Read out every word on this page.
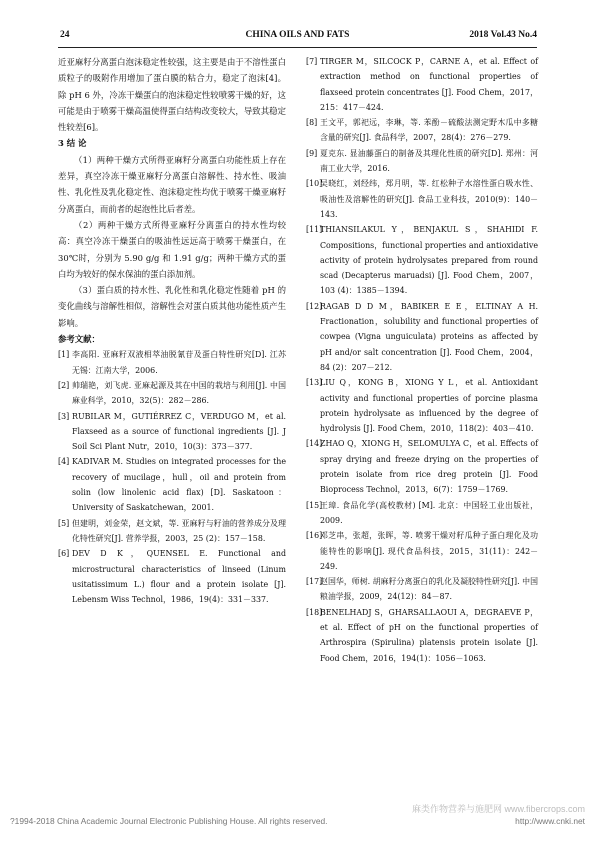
24	CHINA OILS AND FATS	2018 Vol.43 No.4

近亚麻籽分离蛋白泡沫稳定性较强，这主要是由于不溶性蛋白质粒子的吸附作用增加了蛋白膜的粘合力，稳定了泡沫[4]。除 pH 6 外，冷冻干燥蛋白的泡沫稳定性较喷雾干燥的好，这可能是由于喷雾干燥高温使得蛋白结构改变较大，导致其稳定性较差[6]。

3 结 论

（1）两种干燥方式所得亚麻籽分离蛋白功能性质上存在差异，真空冷冻干燥亚麻籽分离蛋白溶解性、持水性、吸油性、乳化性及乳化稳定性、泡沫稳定性均优于喷雾干燥亚麻籽分离蛋白，而前者的起泡性比后者差。

（2）两种干燥方式所得亚麻籽分离蛋白的持水性均较高：真空冷冻干燥蛋白的吸油性远远高于喷雾干燥蛋白，在 30℃时，分别为 5.90 g/g 和 1.91 g/g；两种干燥方式的蛋白均为较好的保水保油的蛋白添加剂。

（3）蛋白质的持水性、乳化性和乳化稳定性随着 pH 的变化曲线与溶解性相似，溶解性会对蛋白质其他功能性质产生影响。

参考文献：

[1] 李高阳. 亚麻籽双液相萃油脱氰苷及蛋白特性研究[D]. 江苏 无锡：江南大学，2006.

[2] 帅瑞艳，刘飞虎. 亚麻起源及其在中国的栽培与利用[J]. 中国麻业科学，2010，32(5)：282－286.

[3] RUBILAR M，GUTIÉRREZ C，VERDUGO M，et al. Flaxseed as a source of functional ingredients [J]. J Soil Sci Plant Nutr，2010，10(3)：373－377.

[4] KADIVAR M. Studies on integrated processes for the recovery of mucilage，hull，oil and protein from solin (low linolenic acid flax) [D]. Saskatoon：University of Saskatchewan，2001.

[5] 但建明，刘金荣，赵文斌，等. 亚麻籽与籽油的营养成分及理化特性研究[J]. 营养学报，2003，25 (2)：157－158.

[6] DEV D K，QUENSEL E. Functional and microstructural characteristics of linseed (Linum usitatissimum L.) flour and a protein isolate [J]. Lebensm Wiss Technol，1986，19(4)：331－337.

[7] TIRGER M，SILCOCK P，CARNE A，et al. Effect of extraction method on functional properties of flaxseed protein concentrates [J]. Food Chem，2017，215：417－424.

[8] 王文平，郭祀远，李琳，等. 苯酚－硫酸法测定野木瓜中多糖含量的研究[J]. 食品科学，2007，28(4)：276－279.

[9] 夏克东. 显油藤蛋白的制备及其理化性质的研究[D]. 郑州：河南工业大学，2016.

[10]
吴晓红，刘经纬，郑月明，等. 红松种子水溶性蛋白吸水性、吸油性及溶解性的研究[J]. 食品工业科技，2010(9)：140－143.

[11]
THIANSILAKUL Y，BENJAKUL S，SHAHIDI F. Compositions，functional properties and antioxidative activity of protein hydrolysates prepared from round scad (Decapterus maruadsi) [J]. Food Chem，2007，103 (4)：1385－1394.

[12]
RAGAB D D M，BABIKER E E，ELTINAY A H. Fractionation，solubility and functional properties of cowpea (Vigna unguiculata) proteins as affected by pH and/or salt concentration [J]. Food Chem，2004，84 (2)：207－212.

[13]
LIU Q，KONG B，XIONG Y L，et al. Antioxidant activity and functional properties of porcine plasma protein hydrolysate as influenced by the degree of hydrolysis [J]. Food Chem，2010，118(2)：403－410.

[14]
ZHAO Q，XIONG H，SELOMULYA C，et al. Effects of spray drying and freeze drying on the properties of protein isolate from rice dreg protein [J]. Food Bioprocess Technol，2013，6(7)：1759－1769.

[15]
王璋. 食品化学(高校教材) [M]. 北京：中国轻工业出版社，2009.

[16]
邓芝串，张超，张晖，等. 喷雾干燥对籽瓜种子蛋白理化及功能特性的影响[J]. 现代食品科技，2015，31(11)：242－249.

[17]
赵国华，师树. 胡麻籽分离蛋白的乳化及凝胶特性研究[J]. 中国粮油学报，2009，24(12)：84－87.

[18]
BENELHADJ S，GHARSALLAOUI A，DEGRAEVE P，et al. Effect of pH on the functional properties of Arthrospira (Spirulina) platensis protein isolate [J]. Food Chem，2016，194(1)：1056－1063.

?1994-2018 China Academic Journal Electronic Publishing House. All rights reserved.
麻类作物营养与施肥网 www.fibercrops.com
http://www.cnki.net
